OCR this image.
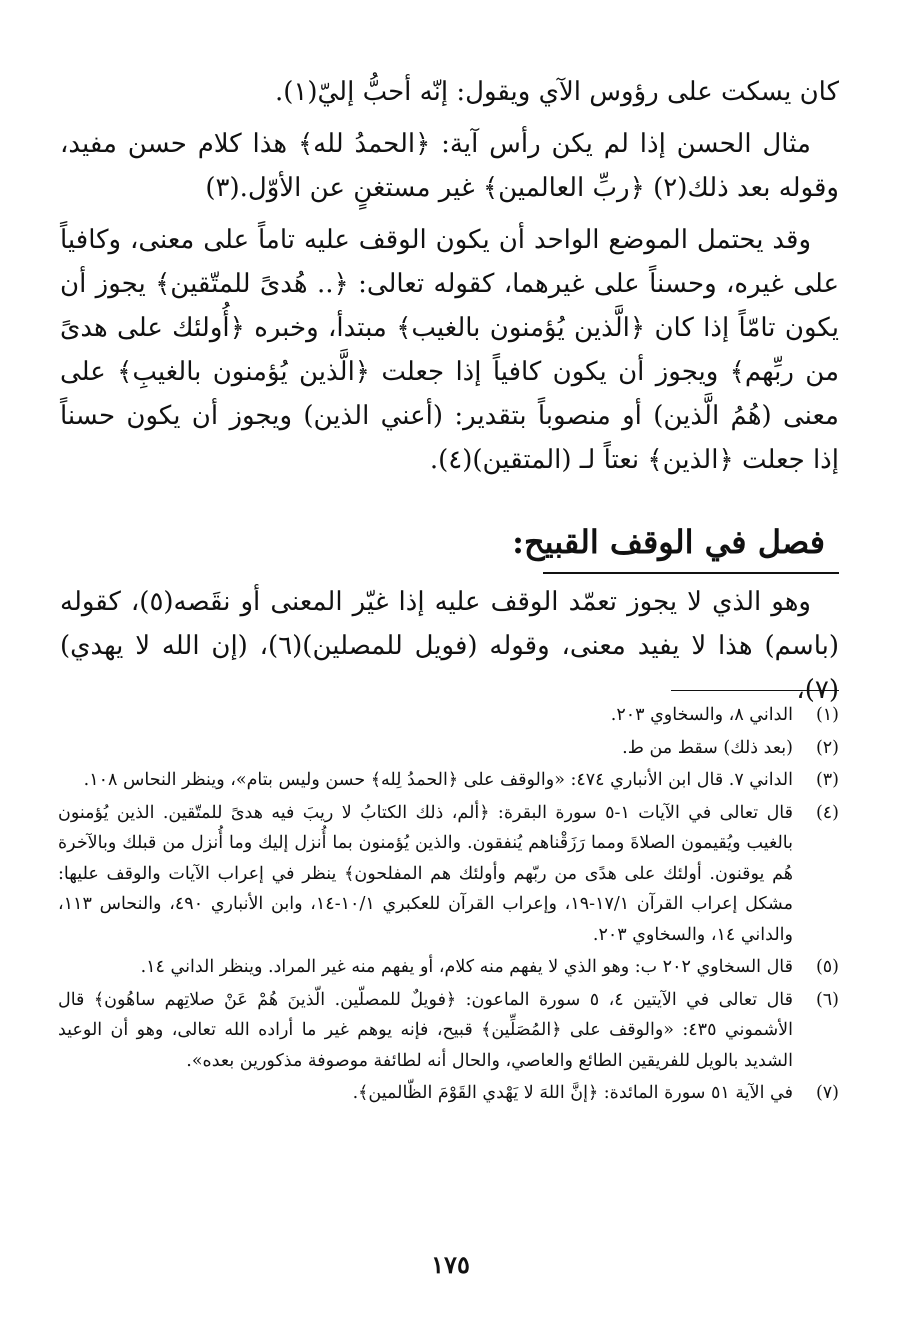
كان يسكت على رؤوس الآي ويقول: إنّه أحبُّ إليّ(١).

مثال الحسن إذا لم يكن رأس آية: ﴿الحمدُ لله﴾ هذا كلام حسن مفيد، وقوله بعد ذلك(٢) ﴿ربِّ العالمين﴾ غير مستغنٍ عن الأوّل.(٣)

وقد يحتمل الموضع الواحد أن يكون الوقف عليه تاماً على معنى، وكافياً على غيره، وحسناً على غيرهما، كقوله تعالى: ﴿.. هُدىً للمتّقين﴾ يجوز أن يكون تامّاً إذا كان ﴿الَّذين يُؤمنون بالغيب﴾ مبتدأ، وخبره ﴿أُولئك على هدىً من ربِّهم﴾ ويجوز أن يكون كافياً إذا جعلت ﴿الَّذين يُؤمنون بالغيبِ﴾ على معنى (هُمُ الَّذين) أو منصوباً بتقدير: (أعني الذين) ويجوز أن يكون حسناً إذا جعلت ﴿الذين﴾ نعتاً لـ (المتقين)(٤).

فصل في الوقف القبيح:

وهو الذي لا يجوز تعمّد الوقف عليه إذا غيّر المعنى أو نقَصه(٥)، كقوله (باسم) هذا لا يفيد معنى، وقوله (فويل للمصلين)(٦)، (إن الله لا يهدي)(٧)،

(١)
الداني ٨، والسخاوي ٢٠٣.
(٢)
(بعد ذلك) سقط من ط.
(٣)
الداني ٧. قال ابن الأنباري ٤٧٤: «والوقف على ﴿الحمدُ لِله﴾ حسن وليس بتام»، وينظر النحاس ١٠٨.
(٤)
قال تعالى في الآيات ١-٥ سورة البقرة: ﴿ألم، ذلك الكتابُ لا ريبَ فيه هدىً للمتّقين. الذين يُؤمنون بالغيب ويُقيمون الصلاةَ ومما رَزَقْناهم يُنفقون. والذين يُؤمنون بما أُنزل إليك وما أُنزل من قبلك وبالآخرة هُم يوقنون. أولئك على هدًى من ربّهم وأولئك هم المفلحون﴾ ينظر في إعراب الآيات والوقف عليها: مشكل إعراب القرآن ١٧/١-١٩، وإعراب القرآن للعكبري ١٠/١-١٤، وابن الأنباري ٤٩٠، والنحاس ١١٣، والداني ١٤، والسخاوي ٢٠٣.
(٥)
قال السخاوي ٢٠٢ ب: وهو الذي لا يفهم منه كلام، أو يفهم منه غير المراد. وينظر الداني ١٤.
(٦)
قال تعالى في الآيتين ٤، ٥ سورة الماعون: ﴿فويلٌ للمصلّين. الّذينَ هُمْ عَنْ صلاتِهم ساهُون﴾ قال الأشموني ٤٣٥: «والوقف على ﴿المُصَلِّين﴾ قبيح، فإنه يوهم غير ما أراده الله تعالى، وهو أن الوعيد الشديد بالويل للفريقين الطائع والعاصي، والحال أنه لطائفة موصوفة مذكورين بعده».
(٧)
في الآية ٥١ سورة المائدة: ﴿إنَّ اللهَ لا يَهْدي القَوْمَ الظّالمين﴾.
١٧٥
